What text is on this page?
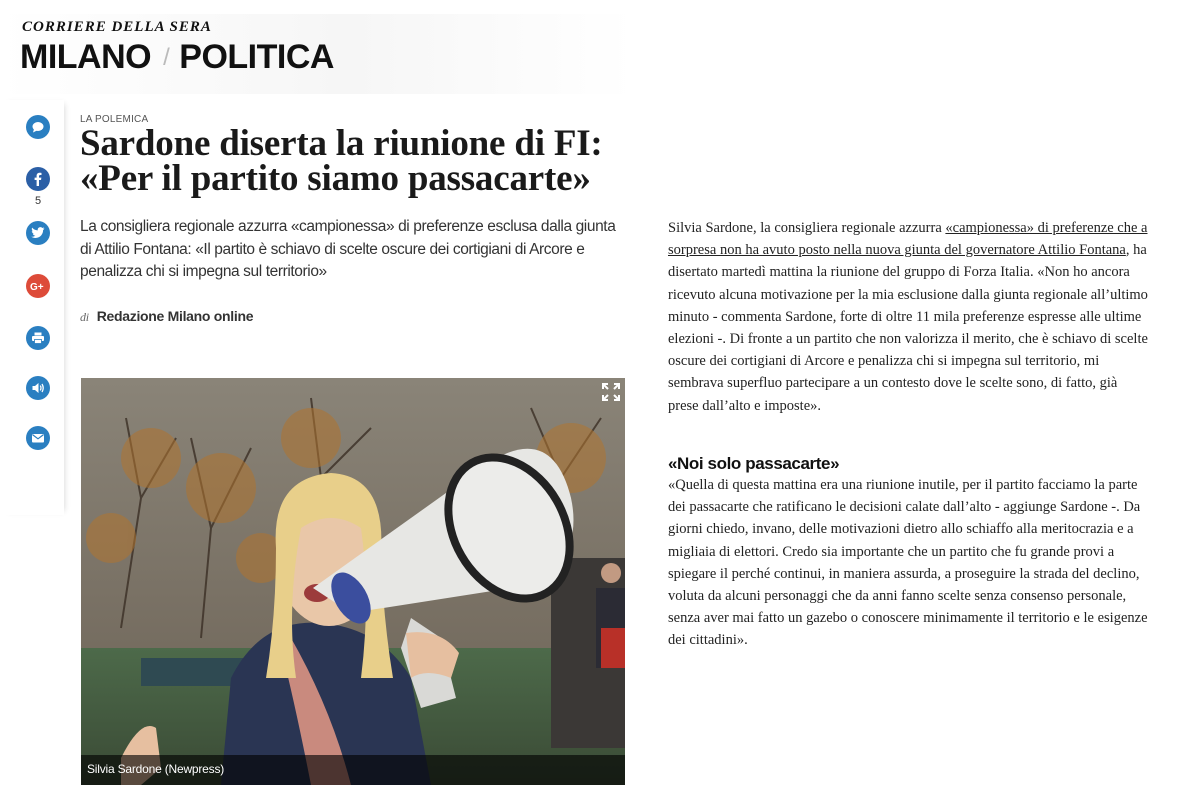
CORRIERE DELLA SERA
MILANO / POLITICA
5
G+
LA POLEMICA
Sardone diserta la riunione di FI:
«Per il partito siamo passacarte»

La consigliera regionale azzurra «campionessa» di preferenze esclusa dalla giunta di Attilio Fontana: «Il partito è schiavo di scelte oscure dei cortigiani di Arcore e penalizza chi si impegna sul territorio»

di Redazione Milano online
Silvia Sardone (Newpress)

Silvia Sardone, la consigliera regionale azzurra «campionessa» di preferenze che a sorpresa non ha avuto posto nella nuova giunta del governatore Attilio Fontana, ha disertato martedì mattina la riunione del gruppo di Forza Italia. «Non ho ancora ricevuto alcuna motivazione per la mia esclusione dalla giunta regionale all’ultimo minuto - commenta Sardone, forte di oltre 11 mila preferenze espresse alle ultime elezioni -. Di fronte a un partito che non valorizza il merito, che è schiavo di scelte oscure dei cortigiani di Arcore e penalizza chi si impegna sul territorio, mi sembrava superfluo partecipare a un contesto dove le scelte sono, di fatto, già prese dall’alto e imposte».

«Noi solo passacarte»

«Quella di questa mattina era una riunione inutile, per il partito facciamo la parte dei passacarte che ratificano le decisioni calate dall’alto - aggiunge Sardone -. Da giorni chiedo, invano, delle motivazioni dietro allo schiaffo alla meritocrazia e a migliaia di elettori. Credo sia importante che un partito che fu grande provi a spiegare il perché continui, in maniera assurda, a proseguire la strada del declino, voluta da alcuni personaggi che da anni fanno scelte senza consenso personale, senza aver mai fatto un gazebo o conoscere minimamente il territorio e le esigenze dei cittadini».
